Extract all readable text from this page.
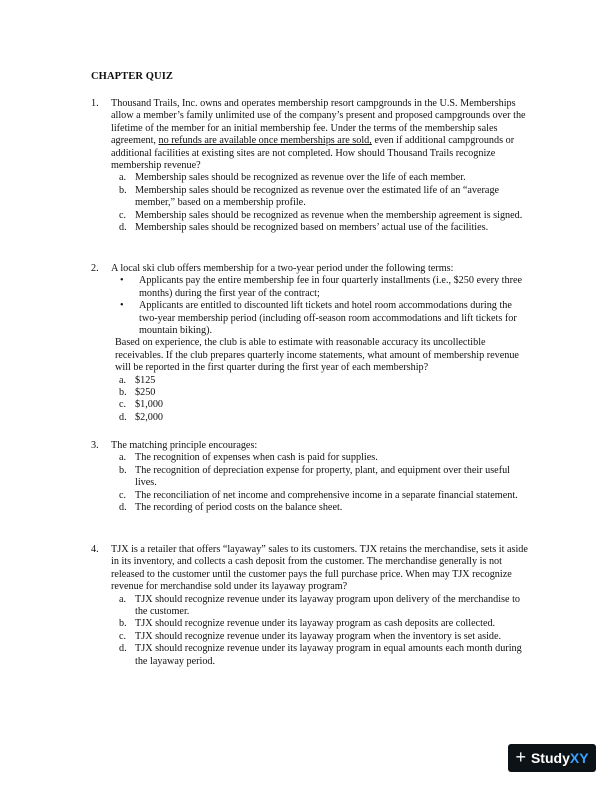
CHAPTER QUIZ
1. Thousand Trails, Inc. owns and operates membership resort campgrounds in the U.S. Memberships allow a member’s family unlimited use of the company’s present and proposed campgrounds over the lifetime of the member for an initial membership fee. Under the terms of the membership sales agreement, no refunds are available once memberships are sold, even if additional campgrounds or additional facilities at existing sites are not completed. How should Thousand Trails recognize membership revenue?
a. Membership sales should be recognized as revenue over the life of each member.
b. Membership sales should be recognized as revenue over the estimated life of an “average member,” based on a membership profile.
c. Membership sales should be recognized as revenue when the membership agreement is signed.
d. Membership sales should be recognized based on members’ actual use of the facilities.
2. A local ski club offers membership for a two-year period under the following terms:
• Applicants pay the entire membership fee in four quarterly installments (i.e., $250 every three months) during the first year of the contract;
• Applicants are entitled to discounted lift tickets and hotel room accommodations during the two-year membership period (including off-season room accommodations and lift tickets for mountain biking).
Based on experience, the club is able to estimate with reasonable accuracy its uncollectible receivables. If the club prepares quarterly income statements, what amount of membership revenue will be reported in the first quarter during the first year of each membership?
a. $125
b. $250
c. $1,000
d. $2,000
3. The matching principle encourages:
a. The recognition of expenses when cash is paid for supplies.
b. The recognition of depreciation expense for property, plant, and equipment over their useful lives.
c. The reconciliation of net income and comprehensive income in a separate financial statement.
d. The recording of period costs on the balance sheet.
4. TJX is a retailer that offers “layaway” sales to its customers. TJX retains the merchandise, sets it aside in its inventory, and collects a cash deposit from the customer. The merchandise generally is not released to the customer until the customer pays the full purchase price. When may TJX recognize revenue for merchandise sold under its layaway program?
a. TJX should recognize revenue under its layaway program upon delivery of the merchandise to the customer.
b. TJX should recognize revenue under its layaway program as cash deposits are collected.
c. TJX should recognize revenue under its layaway program when the inventory is set aside.
d. TJX should recognize revenue under its layaway program in equal amounts each month during the layaway period.
+ StudyXY
